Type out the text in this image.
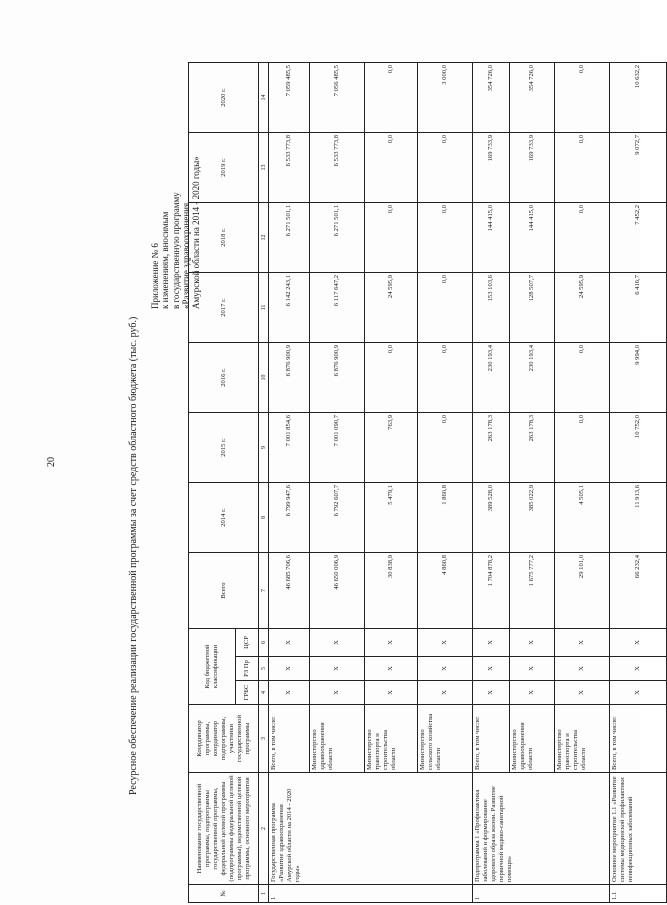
20
Приложение № 6 к изменениям, вносимым в государственную программу «Развитие здравоохранения Амурской области на 2014 - 2020 годы»
Ресурсное обеспечение реализации государственной программы за счет средств областного бюджета (тыс. руб.)
№	Наименование государственной программы, подпрограммы государственной программы, федеральной целевой программы (подпрограммы федеральной целевой программы), ведомственной целевой программы, основного мероприятия	Координатор программы, координатор подпрограммы, участники государственной программы	Код бюджетной классификации			Всего	2014 г.	2015 г.	2016 г.	2017 г.	2018 г.	2019 г.	2020 г.

			ГРБС	РЗ Пр	ЦСР								
1	2	3	4	5	6	7	8	9	10	11	12	13	14
1	Государственная программа «Развитие здравоохранения Амурской области на 2014 - 2020 годы»	Всего, в том числе:	Х	Х	Х	46 685 706,6	6 799 947,6	7 001 854,6	6 876 900,9	6 142 243,1	6 271 501,1	6 533 773,8	7 059 485,5
		Министерство здравоохранения области	Х	Х	Х	46 650 006,9	6 792 607,7	7 001 090,7	6 876 900,9	6 117 647,2	6 271 501,1	6 533 773,8	7 056 485,5
		Министерство транспорта и строительства области	Х	Х	Х	30 838,9	5 479,1	763,9	0,0	24 595,9	0,0	0,0	0,0
		Министерство сельского хозяйства области	Х	Х	Х	4 860,8	1 860,8	0,0	0,0	0,0	0,0	0,0	3 000,0
1	Подпрограмма 1 «Профилактика заболеваний и формирование здорового образа жизни. Развитие первичной медико-санитарной помощи»	Всего, в том числе:	Х	Х	Х	1 704 878,2	389 528,0	263 178,3	230 193,4	153 103,6	144 415,0	169 733,9	354 726,0
		Министерство здравоохранения области	Х	Х	Х	1 675 777,2	385 022,9	263 178,3	230 193,4	128 507,7	144 415,0	169 733,9	354 726,0
		Министерство транспорта и строительства области	Х	Х	Х	29 101,0	4 505,1	0,0	0,0	24 595,9	0,0	0,0	0,0
1.1	Основное мероприятие 1.1 «Развитие системы медицинской профилактики неинфекционных заболеваний	Всего, в том числе:	Х	Х	Х	66 232,4	11 913,6	10 752,0	9 994,0	6 416,7	7 452,2	9 072,7	10 632,2
